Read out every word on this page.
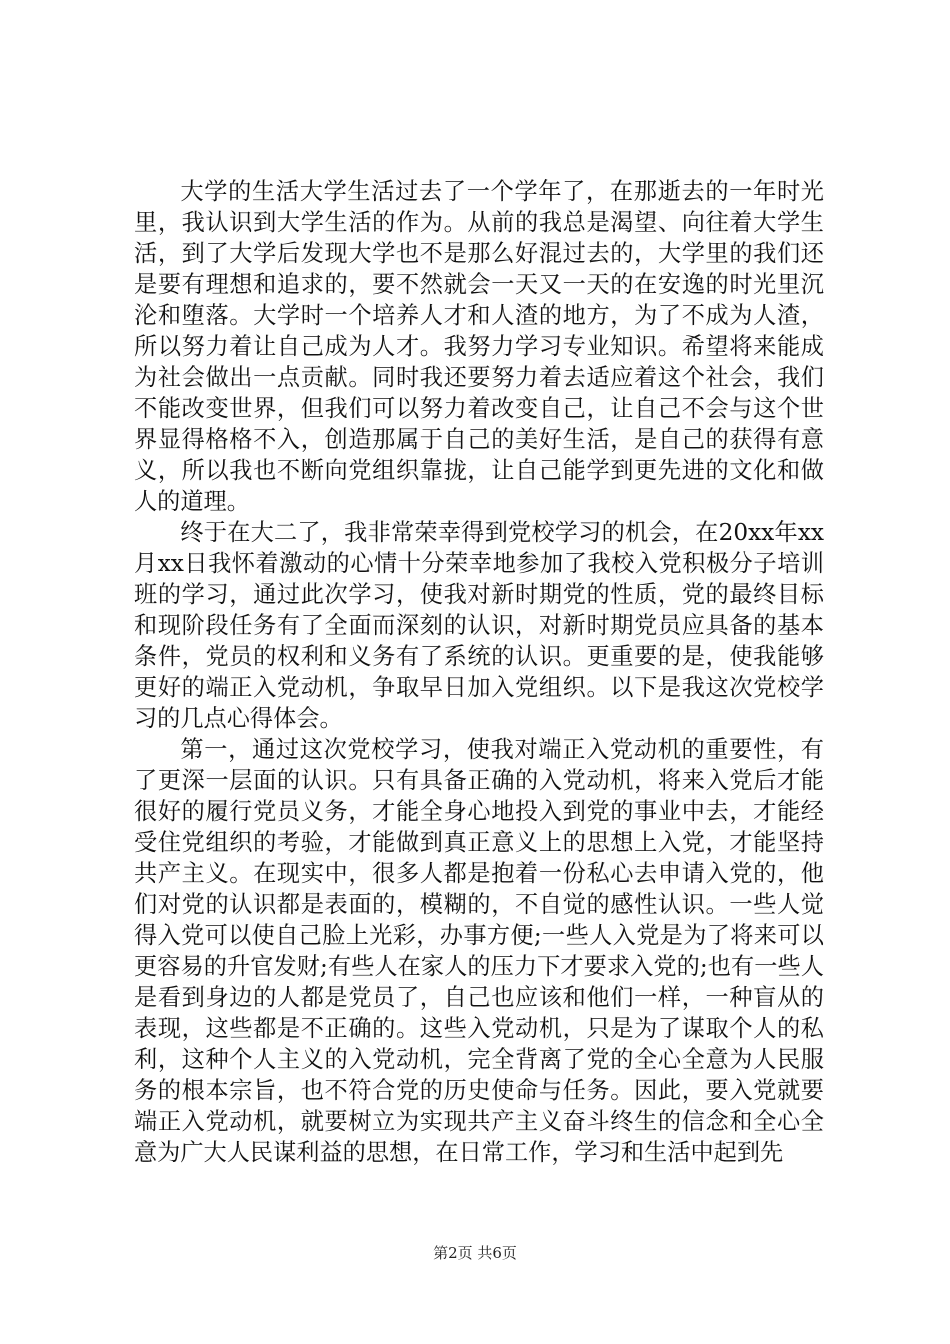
大学的生活大学生活过去了一个学年了，在那逝去的一年时光里，我认识到大学生活的作为。从前的我总是渴望、向往着大学生活，到了大学后发现大学也不是那么好混过去的，大学里的我们还是要有理想和追求的，要不然就会一天又一天的在安逸的时光里沉沦和堕落。大学时一个培养人才和人渣的地方，为了不成为人渣，所以努力着让自己成为人才。我努力学习专业知识。希望将来能成为社会做出一点贡献。同时我还要努力着去适应着这个社会，我们不能改变世界，但我们可以努力着改变自己，让自己不会与这个世界显得格格不入，创造那属于自己的美好生活，是自己的获得有意义，所以我也不断向党组织靠拢，让自己能学到更先进的文化和做人的道理。

终于在大二了，我非常荣幸得到党校学习的机会，在20xx年xx月xx日我怀着激动的心情十分荣幸地参加了我校入党积极分子培训班的学习，通过此次学习，使我对新时期党的性质，党的最终目标和现阶段任务有了全面而深刻的认识，对新时期党员应具备的基本条件，党员的权利和义务有了系统的认识。更重要的是，使我能够更好的端正入党动机，争取早日加入党组织。以下是我这次党校学习的几点心得体会。

第一，通过这次党校学习，使我对端正入党动机的重要性，有了更深一层面的认识。只有具备正确的入党动机，将来入党后才能很好的履行党员义务，才能全身心地投入到党的事业中去，才能经受住党组织的考验，才能做到真正意义上的思想上入党，才能坚持共产主义。在现实中，很多人都是抱着一份私心去申请入党的，他们对党的认识都是表面的，模糊的，不自觉的感性认识。一些人觉得入党可以使自己脸上光彩，办事方便;一些人入党是为了将来可以更容易的升官发财;有些人在家人的压力下才要求入党的;也有一些人是看到身边的人都是党员了，自己也应该和他们一样，一种盲从的表现，这些都是不正确的。这些入党动机，只是为了谋取个人的私利，这种个人主义的入党动机，完全背离了党的全心全意为人民服务的根本宗旨，也不符合党的历史使命与任务。因此，要入党就要端正入党动机，就要树立为实现共产主义奋斗终生的信念和全心全意为广大人民谋利益的思想，在日常工作，学习和生活中起到先

第2页 共6页
